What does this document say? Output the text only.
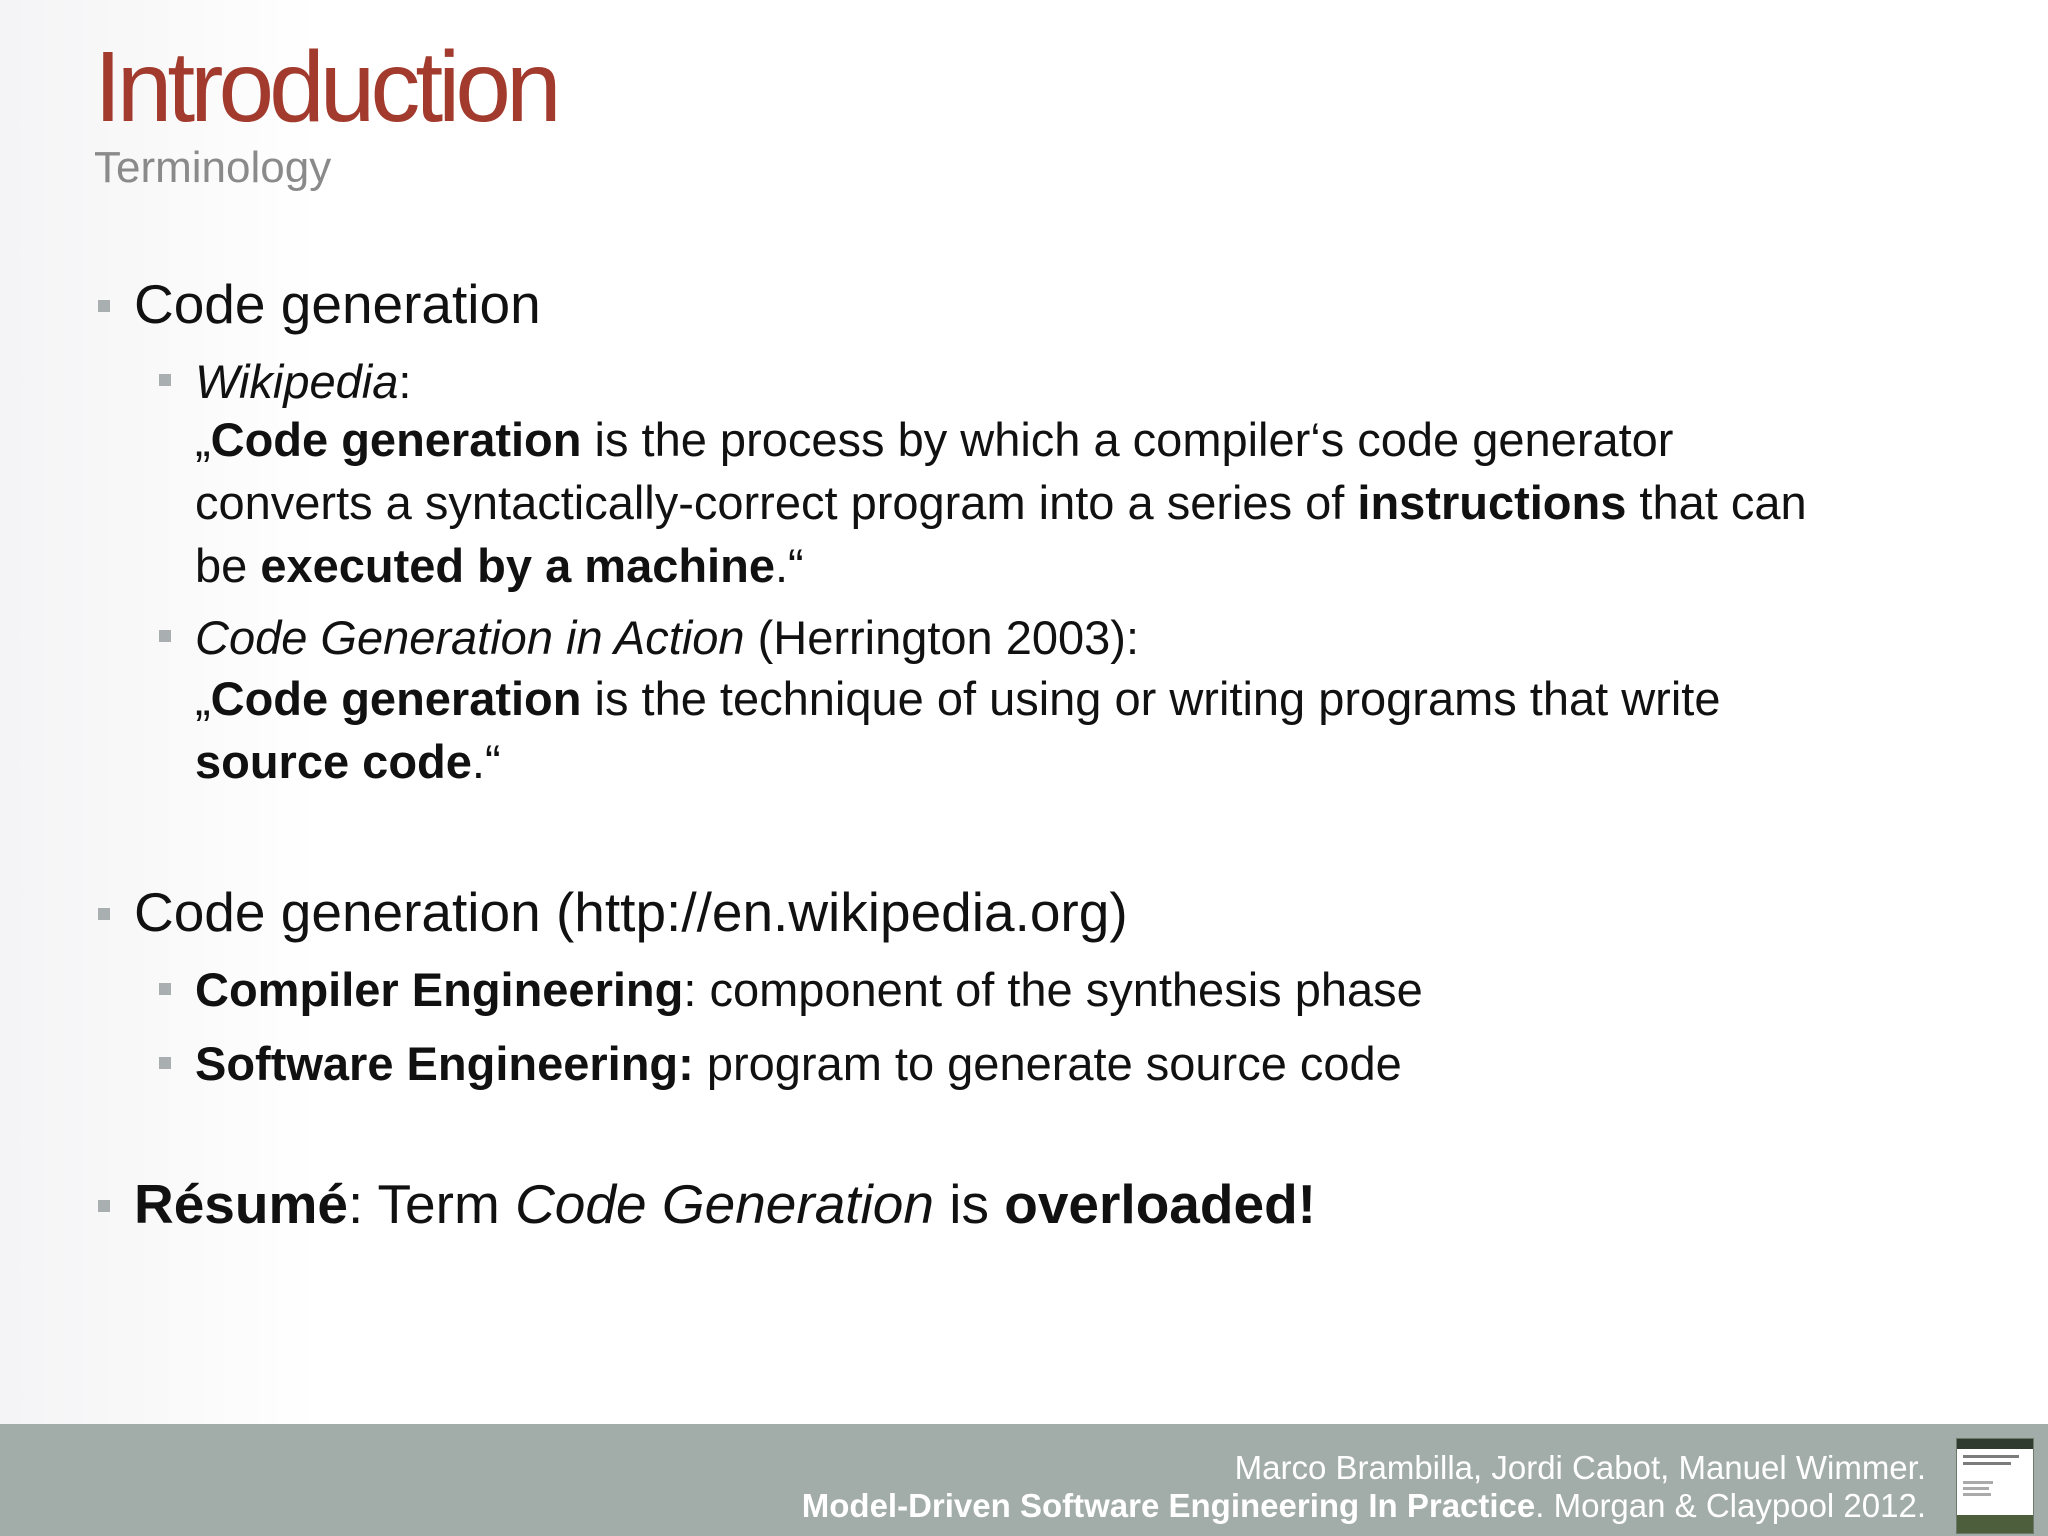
Introduction
Terminology
Code generation
Wikipedia:
„Code generation is the process by which a compiler‘s code generator
converts a syntactically-correct program into a series of instructions that can
be executed by a machine.“
Code Generation in Action (Herrington 2003):
„Code generation is the technique of using or writing programs that write
source code.“
Code generation (http://en.wikipedia.org)
Compiler Engineering: component of the synthesis phase
Software Engineering: program to generate source code
Résumé: Term Code Generation is overloaded!
Marco Brambilla, Jordi Cabot, Manuel Wimmer.
Model-Driven Software Engineering In Practice. Morgan & Claypool 2012.
